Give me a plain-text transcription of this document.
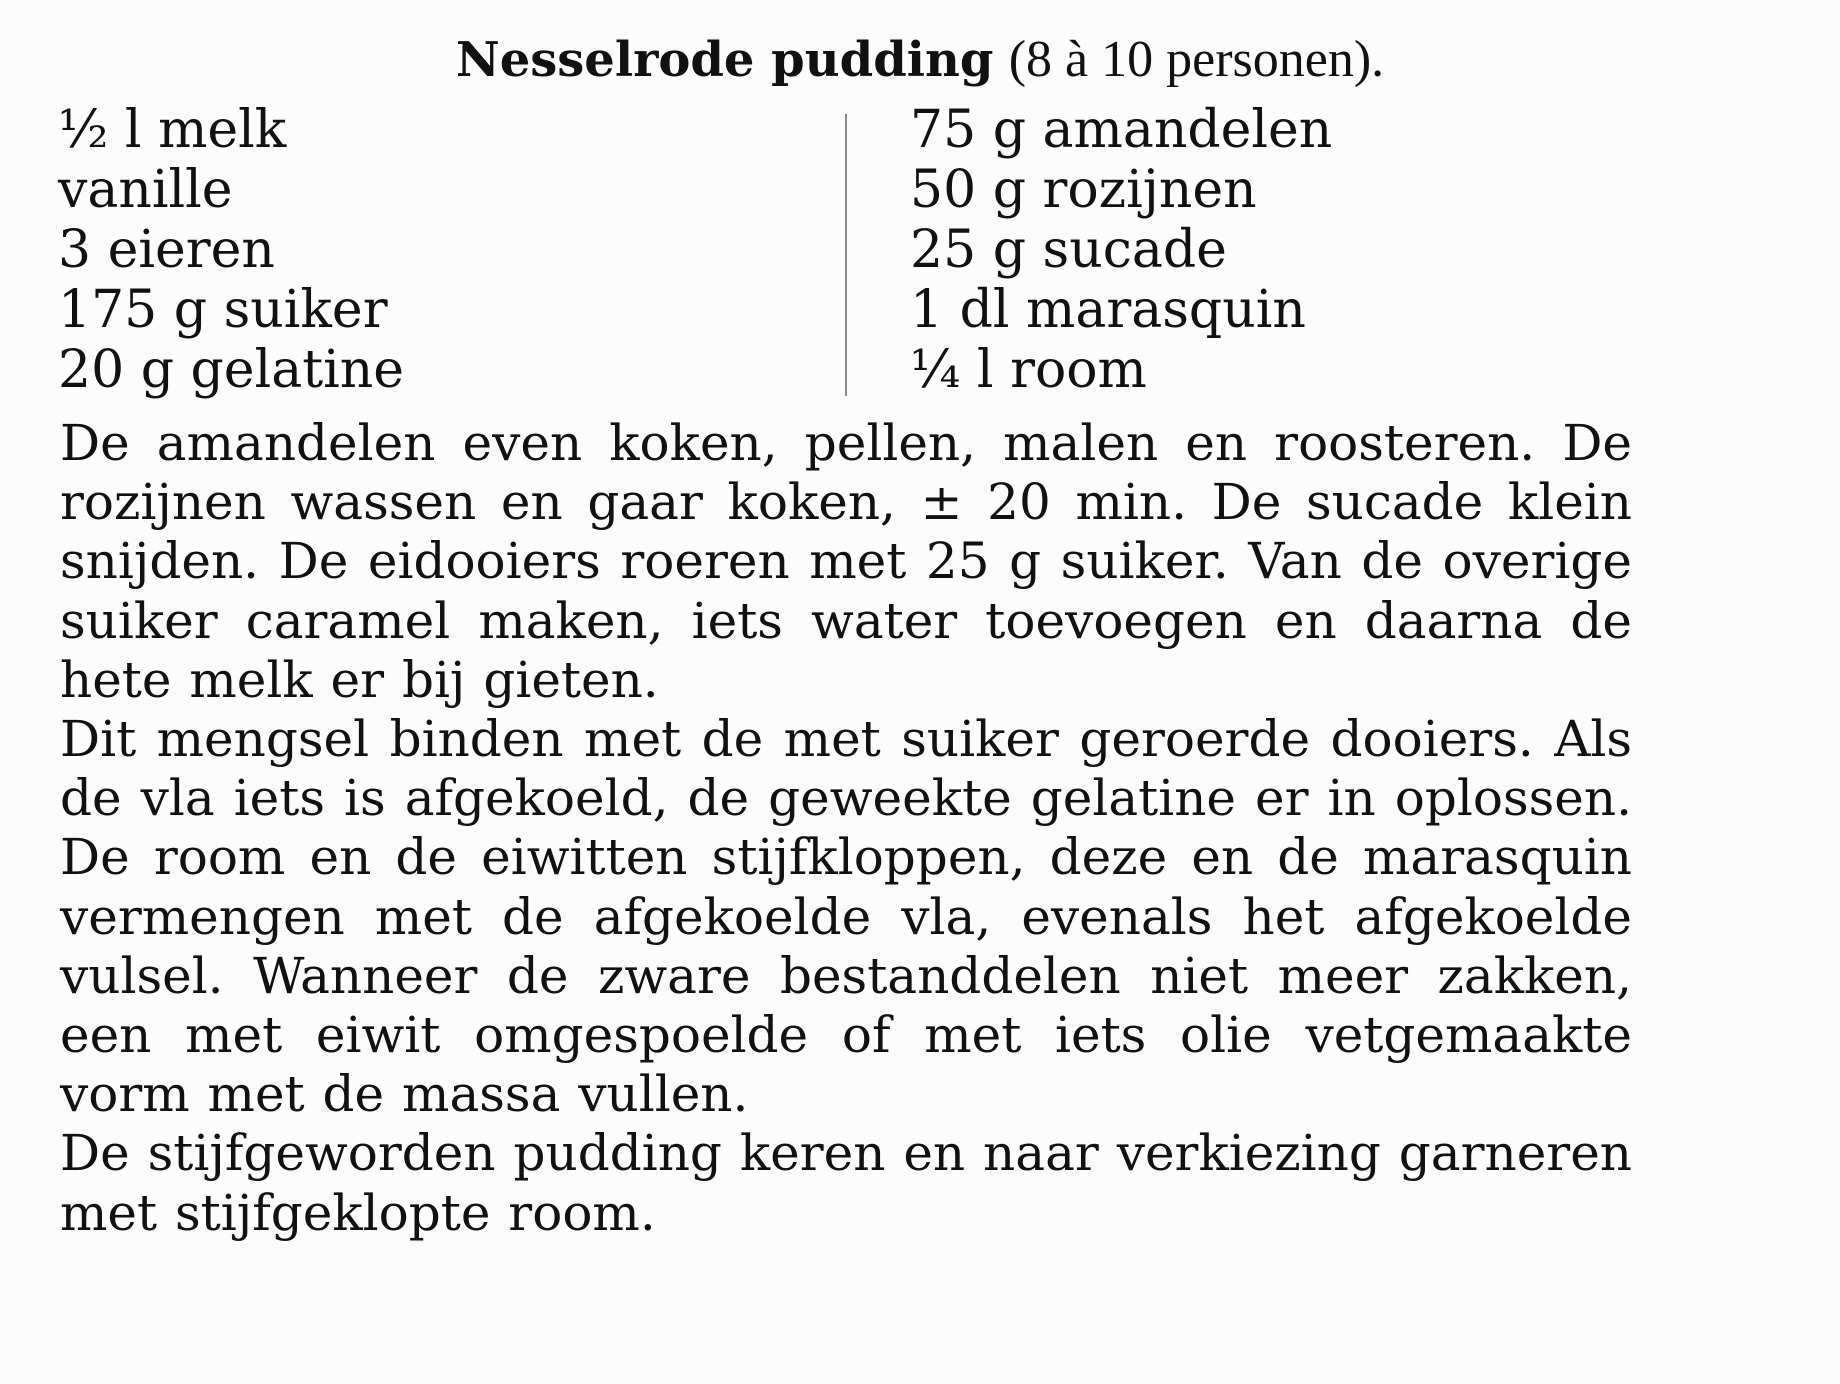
Nesselrode pudding (8 à 10 personen).
½ l melk
vanille
3 eieren
175 g suiker
20 g gelatine
75 g amandelen
50 g rozijnen
25 g sucade
1 dl marasquin
¼ l room

De amandelen even koken, pellen, malen en roosteren. De rozijnen wassen en gaar koken, ± 20 min. De sucade klein snijden. De eidooiers roeren met 25 g suiker. Van de overige suiker caramel maken, iets water toevoegen en daarna de hete melk er bij gieten.

Dit mengsel binden met de met suiker geroerde dooiers. Als de vla iets is afgekoeld, de geweekte gelatine er in oplossen. De room en de eiwitten stijfkloppen, deze en de marasquin vermengen met de afgekoelde vla, evenals het afgekoelde vulsel. Wanneer de zware bestanddelen niet meer zakken, een met eiwit omgespoelde of met iets olie vetgemaakte vorm met de massa vullen.

De stijfgeworden pudding keren en naar verkiezing garneren met stijfgeklopte room.
